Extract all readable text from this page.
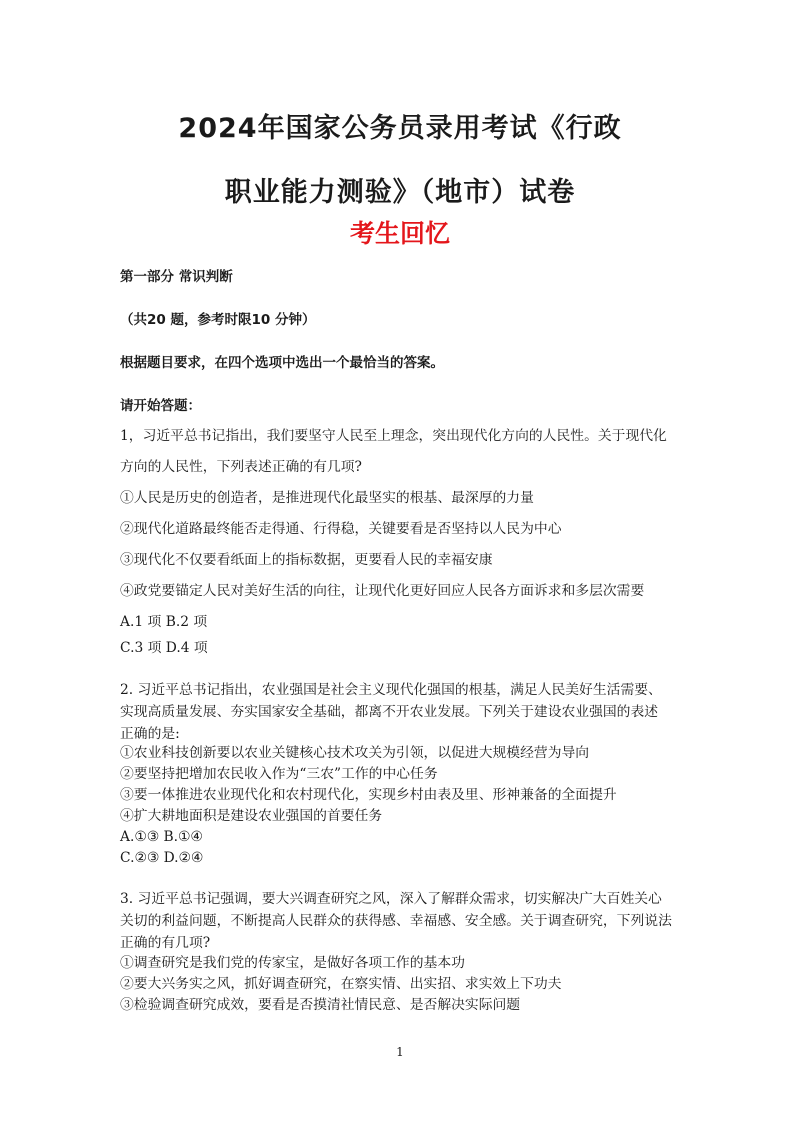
2024年国家公务员录用考试《行政
职业能力测验》（地市）试卷
考生回忆
第一部分 常识判断
（共20 题，参考时限10 分钟）
根据题目要求，在四个选项中选出一个最恰当的答案。
请开始答题：
1，习近平总书记指出，我们要坚守人民至上理念，突出现代化方向的人民性。关于现代化
方向的人民性，下列表述正确的有几项?
①人民是历史的创造者，是推进现代化最坚实的根基、最深厚的力量
②现代化道路最终能否走得通、行得稳，关键要看是否坚持以人民为中心
③现代化不仅要看纸面上的指标数据，更要看人民的幸福安康
④政党要锚定人民对美好生活的向往，让现代化更好回应人民各方面诉求和多层次需要
A.1 项 B.2 项
C.3 项 D.4 项
2. 习近平总书记指出，农业强国是社会主义现代化强国的根基，满足人民美好生活需要、
实现高质量发展、夯实国家安全基础，都离不开农业发展。下列关于建设农业强国的表述
正确的是:
①农业科技创新要以农业关键核心技术攻关为引领，以促进大规模经营为导向
②要坚持把增加农民收入作为“三农”工作的中心任务
③要一体推进农业现代化和农村现代化，实现乡村由表及里、形神兼备的全面提升
④扩大耕地面积是建设农业强国的首要任务
A.①③ B.①④
C.②③ D.②④
3. 习近平总书记强调，要大兴调查研究之风，深入了解群众需求，切实解决广大百姓关心
关切的利益问题，不断提高人民群众的获得感、幸福感、安全感。关于调查研究，下列说法
正确的有几项?
①调查研究是我们党的传家宝，是做好各项工作的基本功
②要大兴务实之风，抓好调查研究，在察实情、出实招、求实效上下功夫
③检验调查研究成效，要看是否摸清社情民意、是否解决实际问题
1
